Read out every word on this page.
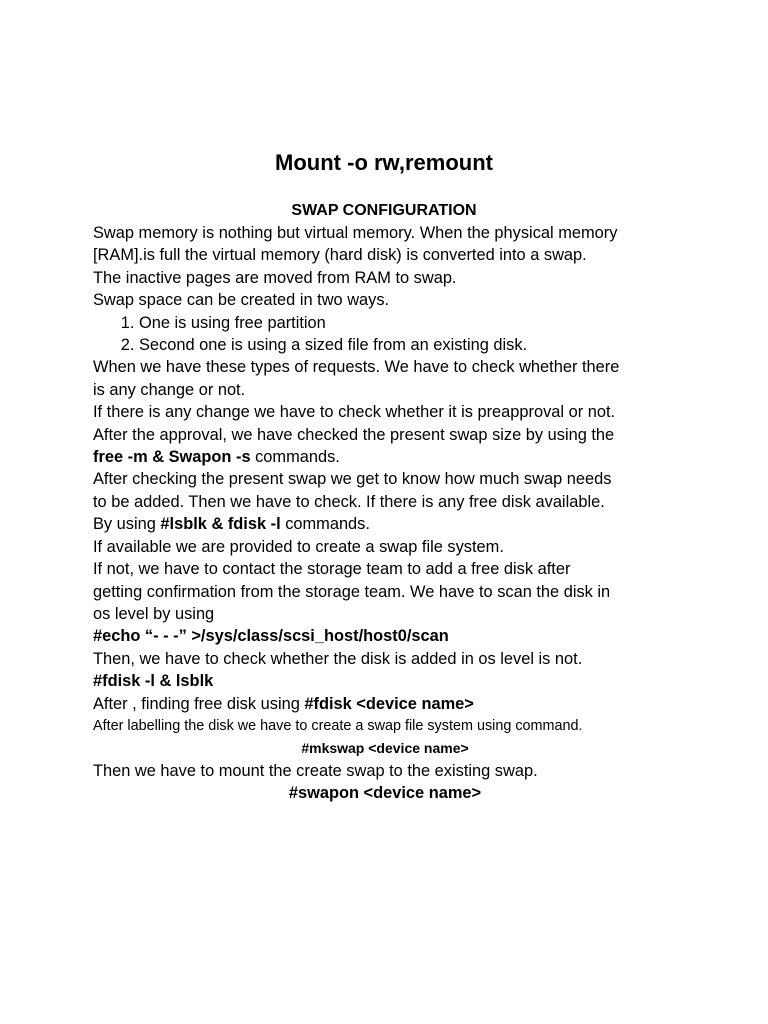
Mount -o rw,remount
SWAP CONFIGURATION

Swap memory is nothing but virtual memory. When the physical memory

[RAM].is full the virtual memory (hard disk) is converted into a swap.

The inactive pages are moved from RAM to swap.

Swap space can be created in two ways.

1. One is using free partition
2. Second one is using a sized file from an existing disk.

When we have these types of requests. We have to check whether there

is any change or not.

If there is any change we have to check whether it is preapproval or not.

After the approval, we have checked the present swap size by using the

free -m & Swapon -s commands.

After checking the present swap we get to know how much swap needs

to be added. Then we have to check. If there is any free disk available.

By using #lsblk & fdisk -l commands.

If available we are provided to create a swap file system.

If not, we have to contact the storage team to add a free disk after

getting confirmation from the storage team. We have to scan the disk in

os level by using

#echo “- - -” >/sys/class/scsi_host/host0/scan

Then, we have to check whether the disk is added in os level is not.

#fdisk -l & lsblk

After , finding free disk using #fdisk <device name>

After labelling the disk we have to create a swap file system using command.

#mkswap <device name>

Then we have to mount the create swap to the existing swap.

#swapon <device name>
